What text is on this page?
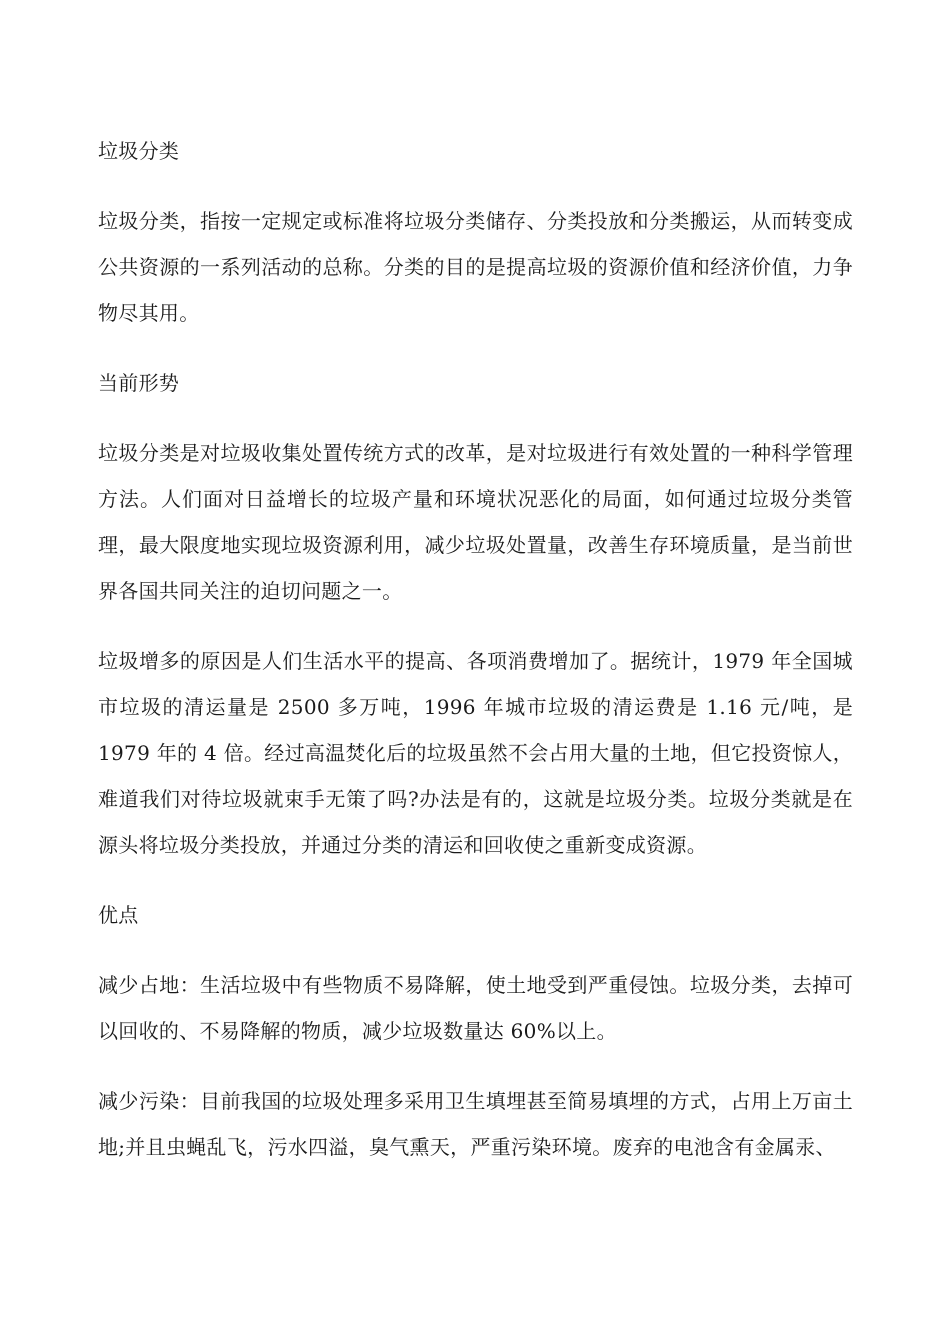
垃圾分类
垃圾分类，指按一定规定或标准将垃圾分类储存、分类投放和分类搬运，从而转变成公共资源的一系列活动的总称。分类的目的是提高垃圾的资源价值和经济价值，力争物尽其用。
当前形势
垃圾分类是对垃圾收集处置传统方式的改革，是对垃圾进行有效处置的一种科学管理方法。人们面对日益增长的垃圾产量和环境状况恶化的局面，如何通过垃圾分类管理，最大限度地实现垃圾资源利用，减少垃圾处置量，改善生存环境质量，是当前世界各国共同关注的迫切问题之一。
垃圾增多的原因是人们生活水平的提高、各项消费增加了。据统计，1979 年全国城市垃圾的清运量是 2500 多万吨，1996 年城市垃圾的清运费是 1.16 元/吨，是 1979 年的 4 倍。经过高温焚化后的垃圾虽然不会占用大量的土地，但它投资惊人，难道我们对待垃圾就束手无策了吗?办法是有的，这就是垃圾分类。垃圾分类就是在源头将垃圾分类投放，并通过分类的清运和回收使之重新变成资源。
优点
减少占地：生活垃圾中有些物质不易降解，使土地受到严重侵蚀。垃圾分类，去掉可以回收的、不易降解的物质，减少垃圾数量达 60%以上。
减少污染：目前我国的垃圾处理多采用卫生填埋甚至简易填埋的方式，占用上万亩土地;并且虫蝇乱飞，污水四溢，臭气熏天，严重污染环境。废弃的电池含有金属汞、
